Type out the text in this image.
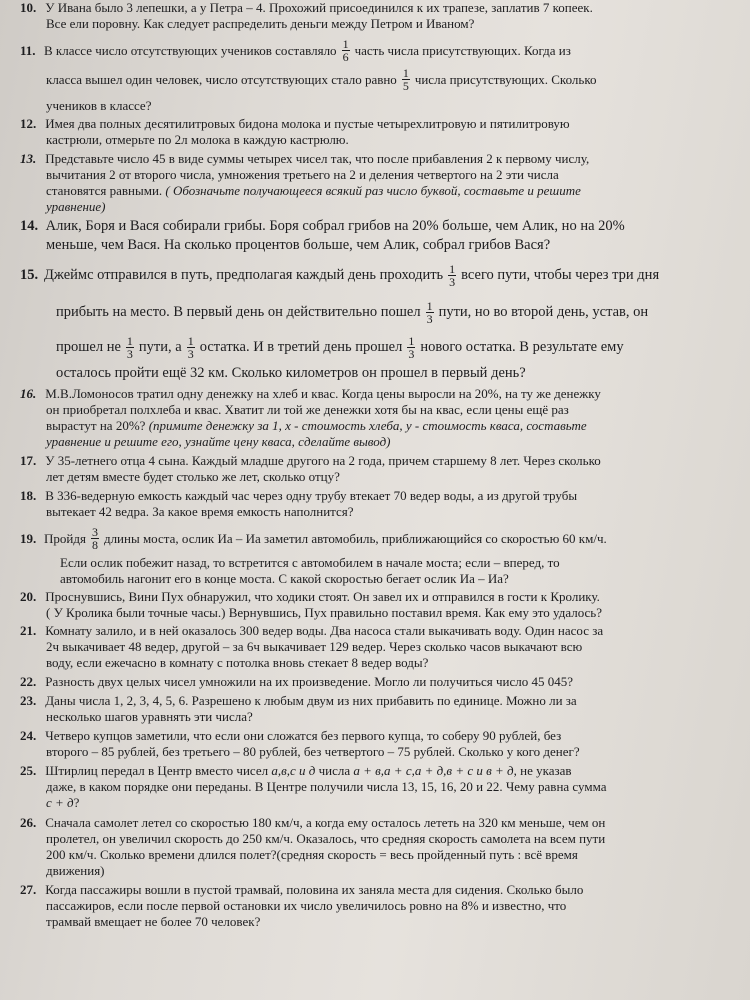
10. У Ивана было 3 лепешки, а у Петра – 4. Прохожий присоединился к их трапезе, заплатив 7 копеек.
Все ели поровну. Как следует распределить деньги между Петром и Иваном?
11. В классе число отсутствующих учеников составляло $\frac{1}{6}$ часть числа присутствующих. Когда из
класса вышел один человек, число отсутствующих стало равно $\frac{1}{5}$ числа присутствующих. Сколько
учеников в классе?
12. Имея два полных десятилитровых бидона молока и пустые четырехлитровую и пятилитровую
кастрюли, отмерьте по 2л молока в каждую кастрюлю.
13. Представьте число 45 в виде суммы четырех чисел так, что после прибавления 2 к первому числу,
вычитания 2 от второго числа, умножения третьего на 2 и деления четвертого на 2 эти числа
становятся равными. ( Обозначьте получающееся всякий раз число буквой, составьте и решите
уравнение)
14. Алик, Боря и Вася собирали грибы. Боря собрал грибов на 20% больше, чем Алик, но на 20%
меньше, чем Вася. На сколько процентов больше, чем Алик, собрал грибов Вася?
15. Джеймс отправился в путь, предполагая каждый день проходить $\frac{1}{3}$ всего пути, чтобы через три дня
прибыть на место. В первый день он действительно пошел $\frac{1}{3}$ пути, но во второй день, устав, он
прошел не $\frac{1}{3}$ пути, а $\frac{1}{3}$ остатка. И в третий день прошел $\frac{1}{3}$ нового остатка. В результате ему
осталось пройти ещё 32 км. Сколько километров он прошел в первый день?
16. М.В.Ломоносов тратил одну денежку на хлеб и квас. Когда цены выросли на 20%, на ту же денежку
он приобретал полхлеба и квас. Хватит ли той же денежки хотя бы на квас, если цены ещё раз
вырастут на 20%? (примите денежку за 1, х - стоимость хлеба, у - стоимость кваса, составьте
уравнение и решите его, узнайте цену кваса, сделайте вывод)
17. У 35-летнего отца 4 сына. Каждый младше другого на 2 года, причем старшему 8 лет. Через сколько
лет детям вместе будет столько же лет, сколько отцу?
18. В 336-ведерную емкость каждый час через одну трубу втекает 70 ведер воды, а из другой трубы
вытекает 42 ведра. За какое время емкость наполнится?
19. Пройдя $\frac{3}{8}$ длины моста, ослик Иа – Иа заметил автомобиль, приближающийся со скоростью 60 км/ч.
Если ослик побежит назад, то встретится с автомобилем в начале моста; если – вперед, то
автомобиль нагонит его в конце моста. С какой скоростью бегает ослик Иа – Иа?
20. Проснувшись, Вини Пух обнаружил, что ходики стоят. Он завел их и отправился в гости к Кролику.
( У Кролика были точные часы.) Вернувшись, Пух правильно поставил время. Как ему это удалось?
21. Комнату залило, и в ней оказалось 300 ведер воды. Два насоса стали выкачивать воду. Один насос за
2ч выкачивает 48 ведер, другой – за 6ч выкачивает 129 ведер. Через сколько часов выкачают всю
воду, если ежечасно в комнату с потолка вновь стекает 8 ведер воды?
22. Разность двух целых чисел умножили на их произведение. Могло ли получиться число 45 045?
23. Даны числа 1, 2, 3, 4, 5, 6. Разрешено к любым двум из них прибавить по единице. Можно ли за
несколько шагов уравнять эти числа?
24. Четверо купцов заметили, что если они сложатся без первого купца, то соберу 90 рублей, без
второго – 85 рублей, без третьего – 80 рублей, без четвертого – 75 рублей. Сколько у кого денег?
25. Штирлиц передал в Центр вместо чисел а,в,с и д числа а + в,а + с,а + д,в + с и в + д, не указав
даже, в каком порядке они переданы. В Центре получили числа 13, 15, 16, 20 и 22. Чему равна сумма
с + д?
26. Сначала самолет летел со скоростью 180 км/ч, а когда ему осталось лететь на 320 км меньше, чем он
пролетел, он увеличил скорость до 250 км/ч. Оказалось, что средняя скорость самолета на всем пути
200 км/ч. Сколько времени длился полет?(средняя скорость = весь пройденный путь : всё время
движения)
27. Когда пассажиры вошли в пустой трамвай, половина их заняла места для сидения. Сколько было
пассажиров, если после первой остановки их число увеличилось ровно на 8% и известно, что
трамвай вмещает не более 70 человек?
